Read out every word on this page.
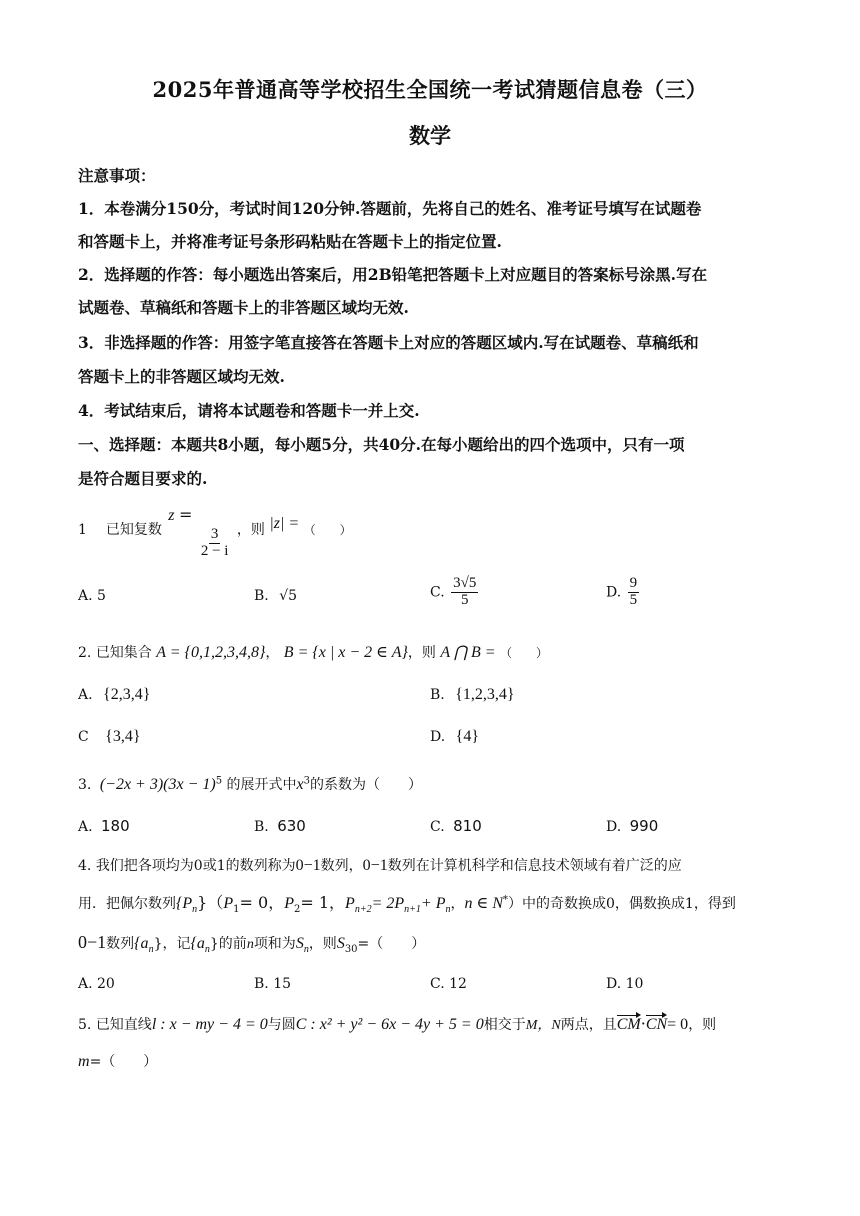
2025年普通高等学校招生全国统一考试猜题信息卷（三）
数学
注意事项：
1．本卷满分150分，考试时间120分钟.答题前，先将自己的姓名、准考证号填写在试题卷
和答题卡上，并将准考证号条形码粘贴在答题卡上的指定位置.
2．选择题的作答：每小题选出答案后，用2B铅笔把答题卡上对应题目的答案标号涂黑.写在
试题卷、草稿纸和答题卡上的非答题区域均无效.
3．非选择题的作答：用签字笔直接答在答题卡上对应的答题区域内.写在试题卷、草稿纸和
答题卡上的非答题区域均无效.
4．考试结束后，请将本试题卷和答题卡一并上交.
一、选择题：本题共8小题，每小题5分，共40分.在每小题给出的四个选项中，只有一项
是符合题目要求的.
1 已知复数 z =
$\frac{3}{2 - i}$ ，则 |z| = （　　）
A. 5	B. √5	C. $\frac{3√5}{5}$	D. $\frac{9}{5}$
2. 已知集合 A = {0,1,2,3,4,8}， B = {x | x − 2 ∈ A}，则 A ⋂ B = （　　）
A. {2,3,4}	B. {1,2,3,4}
C {3,4}	D. {4}
3. $(-2x + 3)(3x - 1)^5$ 的展开式中$x^3$的系数为（　　）
A. 180	B. 630	C. 810	D. 990
4. 我们把各项均为0或1的数列称为0−1数列，0−1数列在计算机科学和信息技术领域有着广泛的应
用．把佩尔数列$\{P_n\}(P_1= 0$，$P_2= 1$，$P_{n+2}= 2P_{n+1}+ P_n$，n ∈ N*）中的奇数换成0，偶数换成1，得到
0−1数列$\{a_n\}$，记$\{a_n\}$的前n项和为$S_n$，则$S_{30}=$（　　）
A. 20	B. 15	C. 12	D. 10
5. 已知直线l : x − my − 4 = 0与圆C : x² + y² − 6x − 4y + 5 = 0相交于M，N两点，且CM·CN= 0，则
m=（　　）
